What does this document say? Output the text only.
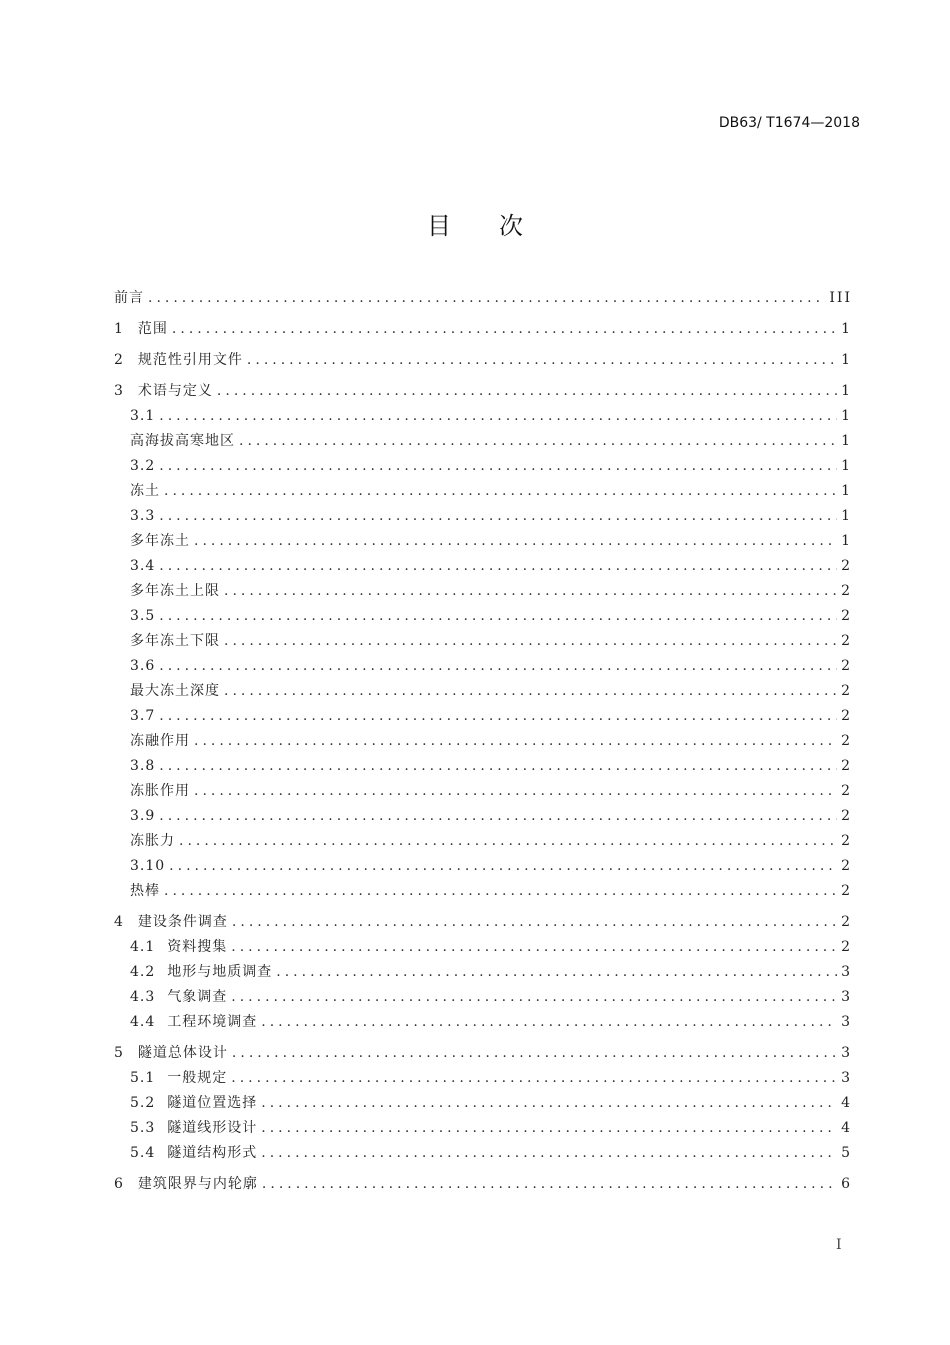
DB63/ T1674—2018
目次
前言 .....	III
1 范围 .....	1
2 规范性引用文件 .....	1
3 术语与定义 .....	1
3.1 .....	1
高海拔高寒地区 .....	1
3.2 .....	1
冻土 .....	1
3.3 .....	1
多年冻土 .....	1
3.4 .....	2
多年冻土上限 .....	2
3.5 .....	2
多年冻土下限 .....	2
3.6 .....	2
最大冻土深度 .....	2
3.7 .....	2
冻融作用 .....	2
3.8 .....	2
冻胀作用 .....	2
3.9 .....	2
冻胀力 .....	2
3.10 .....	2
热棒 .....	2
4 建设条件调查 .....	2
4.1 资料搜集 .....	2
4.2 地形与地质调查 .....	3
4.3 气象调查 .....	3
4.4 工程环境调查 .....	3
5 隧道总体设计 .....	3
5.1 一般规定 .....	3
5.2 隧道位置选择 .....	4
5.3 隧道线形设计 .....	4
5.4 隧道结构形式 .....	5
6 建筑限界与内轮廓 .....	6
I
